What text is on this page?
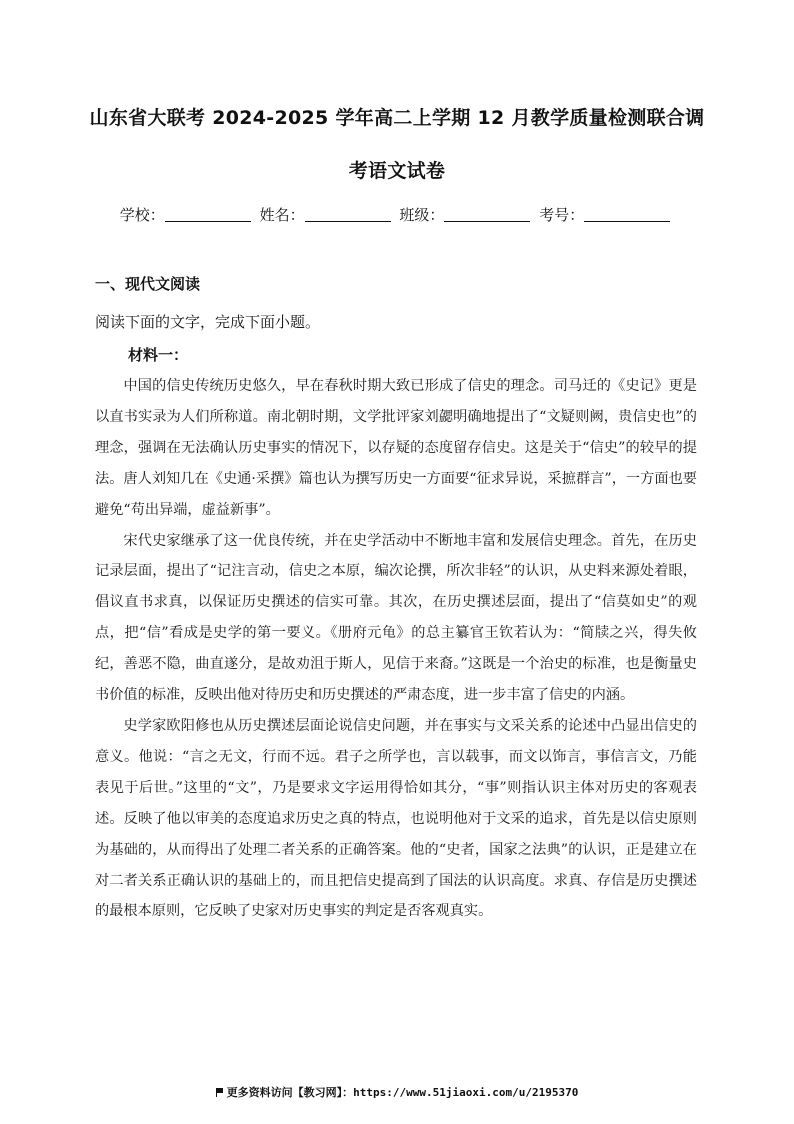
山东省大联考 2024-2025 学年高二上学期 12 月教学质量检测联合调
考语文试卷
学校：	姓名：	班级：	考号：
一、现代文阅读
阅读下面的文字，完成下面小题。
材料一：

中国的信史传统历史悠久，早在春秋时期大致已形成了信史的理念。司马迁的《史记》更是以直书实录为人们所称道。南北朝时期，文学批评家刘勰明确地提出了“文疑则阙，贵信史也”的理念，强调在无法确认历史事实的情况下，以存疑的态度留存信史。这是关于“信史”的较早的提法。唐人刘知几在《史通·采撰》篇也认为撰写历史一方面要“征求异说，采摭群言”，一方面也要避免“苟出异端，虚益新事”。

宋代史家继承了这一优良传统，并在史学活动中不断地丰富和发展信史理念。首先，在历史记录层面，提出了“记注言动，信史之本原，编次论撰，所次非轻”的认识，从史料来源处着眼，倡议直书求真，以保证历史撰述的信实可靠。其次，在历史撰述层面，提出了“信莫如史”的观点，把“信”看成是史学的第一要义。《册府元龟》的总主纂官王钦若认为：“简牍之兴，得失攸纪，善恶不隐，曲直遂分，是故劝沮于斯人，见信于来裔。”这既是一个治史的标准，也是衡量史书价值的标准，反映出他对待历史和历史撰述的严肃态度，进一步丰富了信史的内涵。

史学家欧阳修也从历史撰述层面论说信史问题，并在事实与文采关系的论述中凸显出信史的意义。他说：“言之无文，行而不远。君子之所学也，言以载事，而文以饰言，事信言文，乃能表见于后世。”这里的“文”，乃是要求文字运用得恰如其分，“事”则指认识主体对历史的客观表述。反映了他以审美的态度追求历史之真的特点，也说明他对于文采的追求，首先是以信史原则为基础的，从而得出了处理二者关系的正确答案。他的“史者，国家之法典”的认识，正是建立在对二者关系正确认识的基础上的，而且把信史提高到了国法的认识高度。求真、存信是历史撰述的最根本原则，它反映了史家对历史事实的判定是否客观真实。

更多资料访问【教习网】：https://www.51jiaoxi.com/u/2195370
